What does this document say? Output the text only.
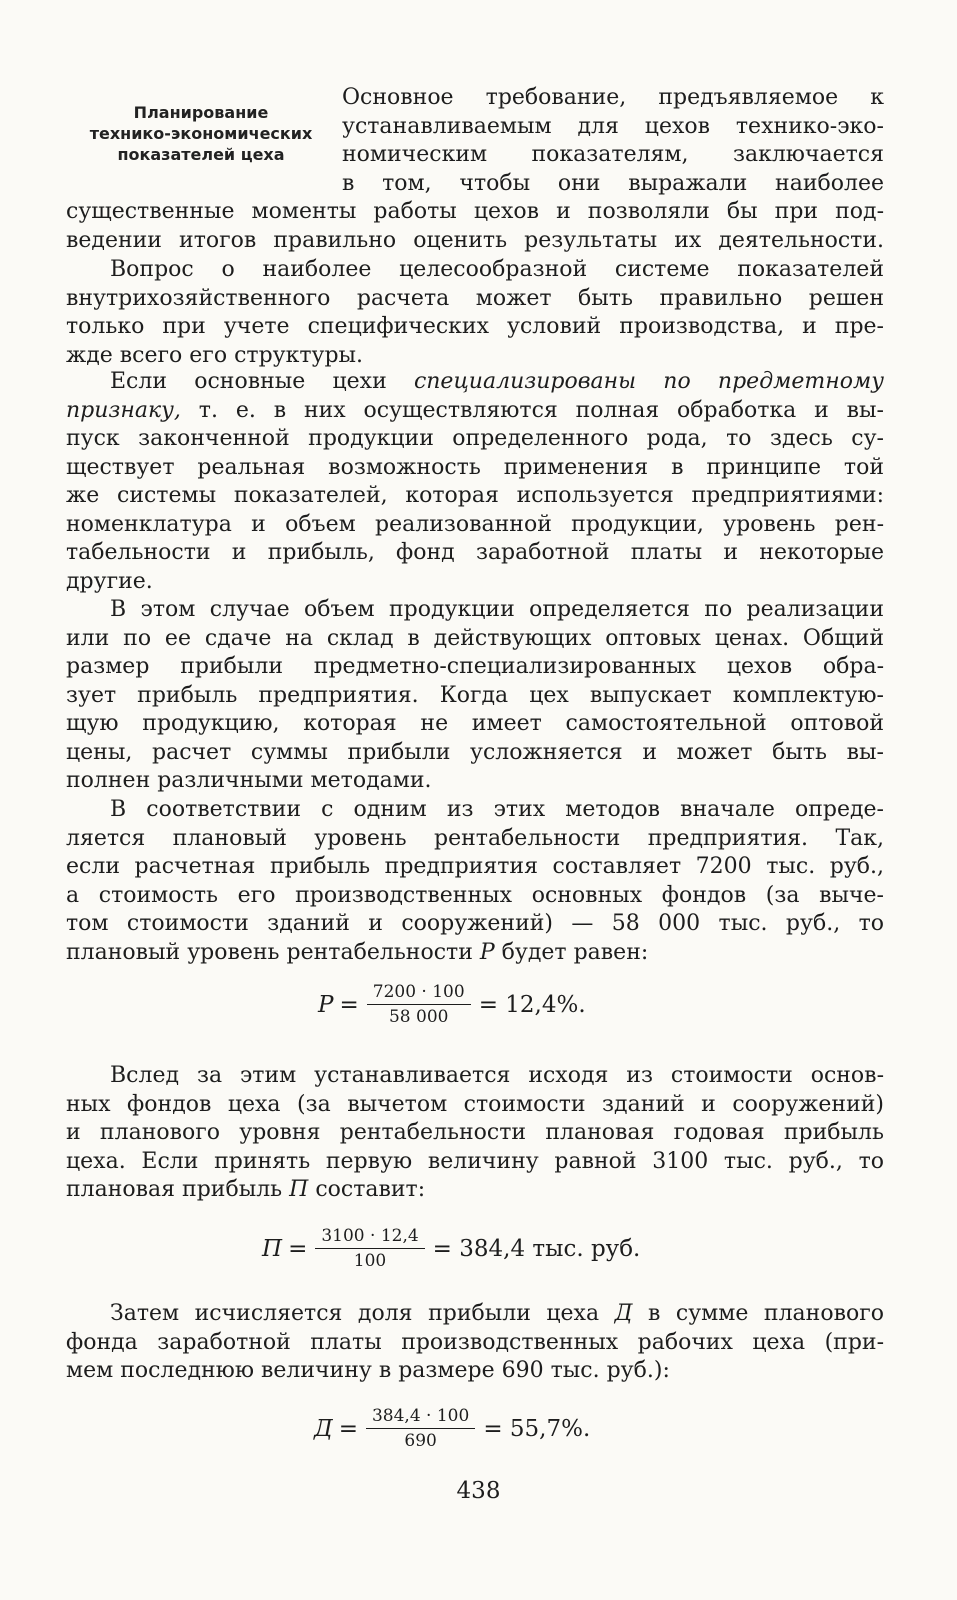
Планирование
технико-экономических
показателей цеха
Основное требование, предъявляемое к
устанавливаемым для цехов технико-эко-
номическим показателям, заключается
в том, чтобы они выражали наиболее
существенные моменты работы цехов и позволяли бы при под-
ведении итогов правильно оценить результаты их деятельности.
Вопрос о наиболее целесообразной системе показателей
внутрихозяйственного расчета может быть правильно решен
только при учете специфических условий производства, и пре-
жде всего его структуры.
Если основные цехи специализированы по предметному
признаку, т. е. в них осуществляются полная обработка и вы-
пуск законченной продукции определенного рода, то здесь су-
ществует реальная возможность применения в принципе той
же системы показателей, которая используется предприятиями:
номенклатура и объем реализованной продукции, уровень рен-
табельности и прибыль, фонд заработной платы и некоторые
другие.
В этом случае объем продукции определяется по реализации
или по ее сдаче на склад в действующих оптовых ценах. Общий
размер прибыли предметно-специализированных цехов обра-
зует прибыль предприятия. Когда цех выпускает комплектую-
щую продукцию, которая не имеет самостоятельной оптовой
цены, расчет суммы прибыли усложняется и может быть вы-
полнен различными методами.
В соответствии с одним из этих методов вначале опреде-
ляется плановый уровень рентабельности предприятия. Так,
если расчетная прибыль предприятия составляет 7200 тыс. руб.,
а стоимость его производственных основных фондов (за выче-
том стоимости зданий и сооружений) — 58 000 тыс. руб., то
плановый уровень рентабельности P будет равен:
$P = \frac{7200 \cdot 100}{58 000} = 12,4\%$.
Вслед за этим устанавливается исходя из стоимости основ-
ных фондов цеха (за вычетом стоимости зданий и сооружений)
и планового уровня рентабельности плановая годовая прибыль
цеха. Если принять первую величину равной 3100 тыс. руб., то
плановая прибыль П составит:
$П = \frac{3100 \cdot 12,4}{100} = 384,4$ тыс. руб.
Затем исчисляется доля прибыли цеха Д в сумме планового
фонда заработной платы производственных рабочих цеха (при-
мем последнюю величину в размере 690 тыс. руб.):
$Д = \frac{384,4 \cdot 100}{690} = 55,7\%$.
438
